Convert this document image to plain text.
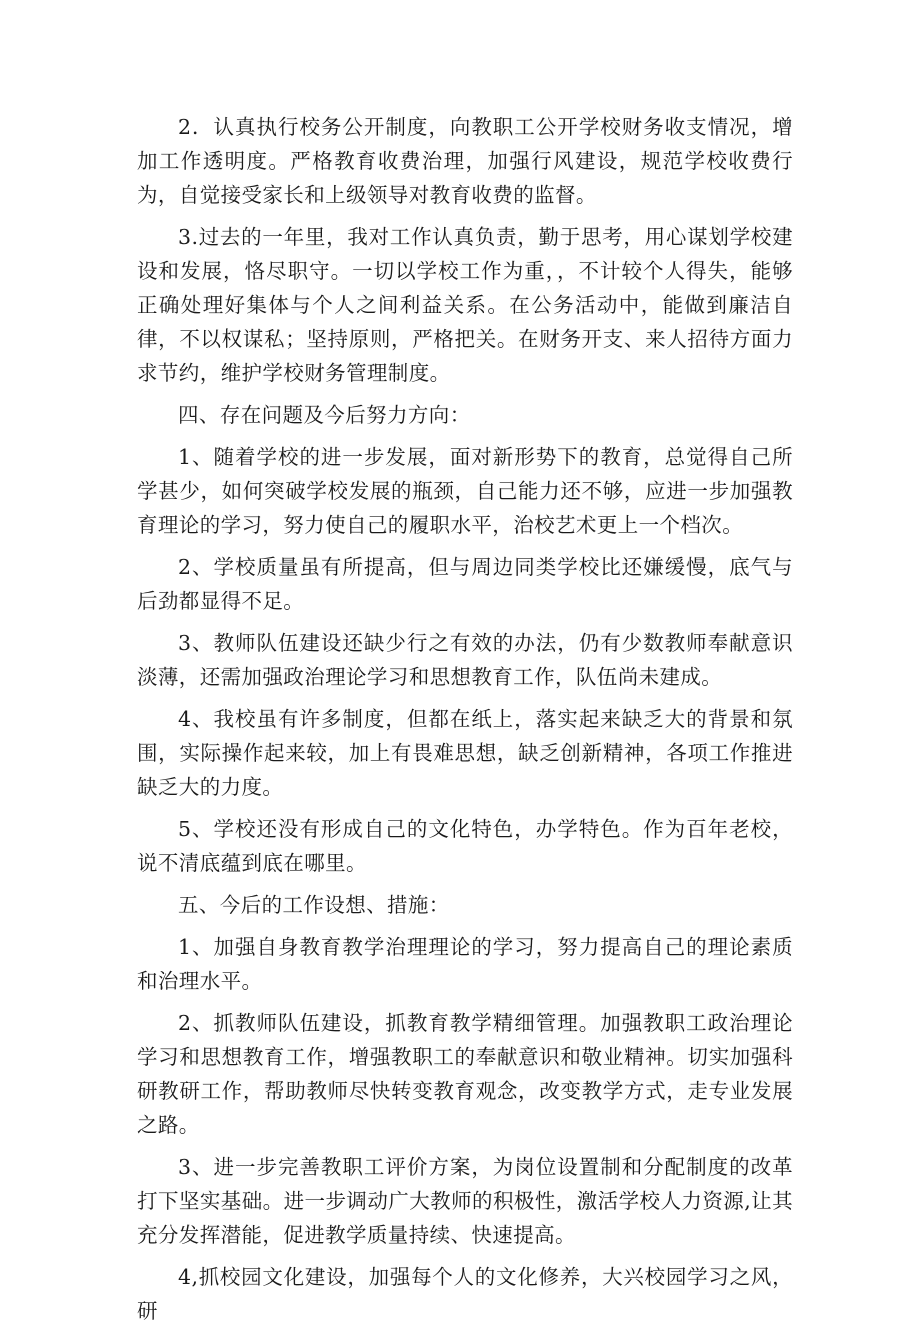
2．认真执行校务公开制度，向教职工公开学校财务收支情况，增加工作透明度。严格教育收费治理，加强行风建设，规范学校收费行为，自觉接受家长和上级领导对教育收费的监督。

3.过去的一年里，我对工作认真负责，勤于思考，用心谋划学校建设和发展，恪尽职守。一切以学校工作为重，，不计较个人得失，能够正确处理好集体与个人之间利益关系。在公务活动中，能做到廉洁自律，不以权谋私；坚持原则，严格把关。在财务开支、来人招待方面力求节约，维护学校财务管理制度。

四、存在问题及今后努力方向：

1、随着学校的进一步发展，面对新形势下的教育，总觉得自己所学甚少，如何突破学校发展的瓶颈，自己能力还不够，应进一步加强教育理论的学习，努力使自己的履职水平，治校艺术更上一个档次。

2、学校质量虽有所提高，但与周边同类学校比还嫌缓慢，底气与后劲都显得不足。

3、教师队伍建设还缺少行之有效的办法，仍有少数教师奉献意识淡薄，还需加强政治理论学习和思想教育工作，队伍尚未建成。

4、我校虽有许多制度，但都在纸上，落实起来缺乏大的背景和氛围，实际操作起来较，加上有畏难思想，缺乏创新精神，各项工作推进缺乏大的力度。

5、学校还没有形成自己的文化特色，办学特色。作为百年老校，说不清底蕴到底在哪里。

五、今后的工作设想、措施：

1、加强自身教育教学治理理论的学习，努力提高自己的理论素质和治理水平。

2、抓教师队伍建设，抓教育教学精细管理。加强教职工政治理论学习和思想教育工作，增强教职工的奉献意识和敬业精神。切实加强科研教研工作，帮助教师尽快转变教育观念，改变教学方式，走专业发展之路。

3、进一步完善教职工评价方案，为岗位设置制和分配制度的改革打下坚实基础。进一步调动广大教师的积极性，激活学校人力资源,让其充分发挥潜能，促进教学质量持续、快速提高。

4,抓校园文化建设，加强每个人的文化修养，大兴校园学习之风，研
